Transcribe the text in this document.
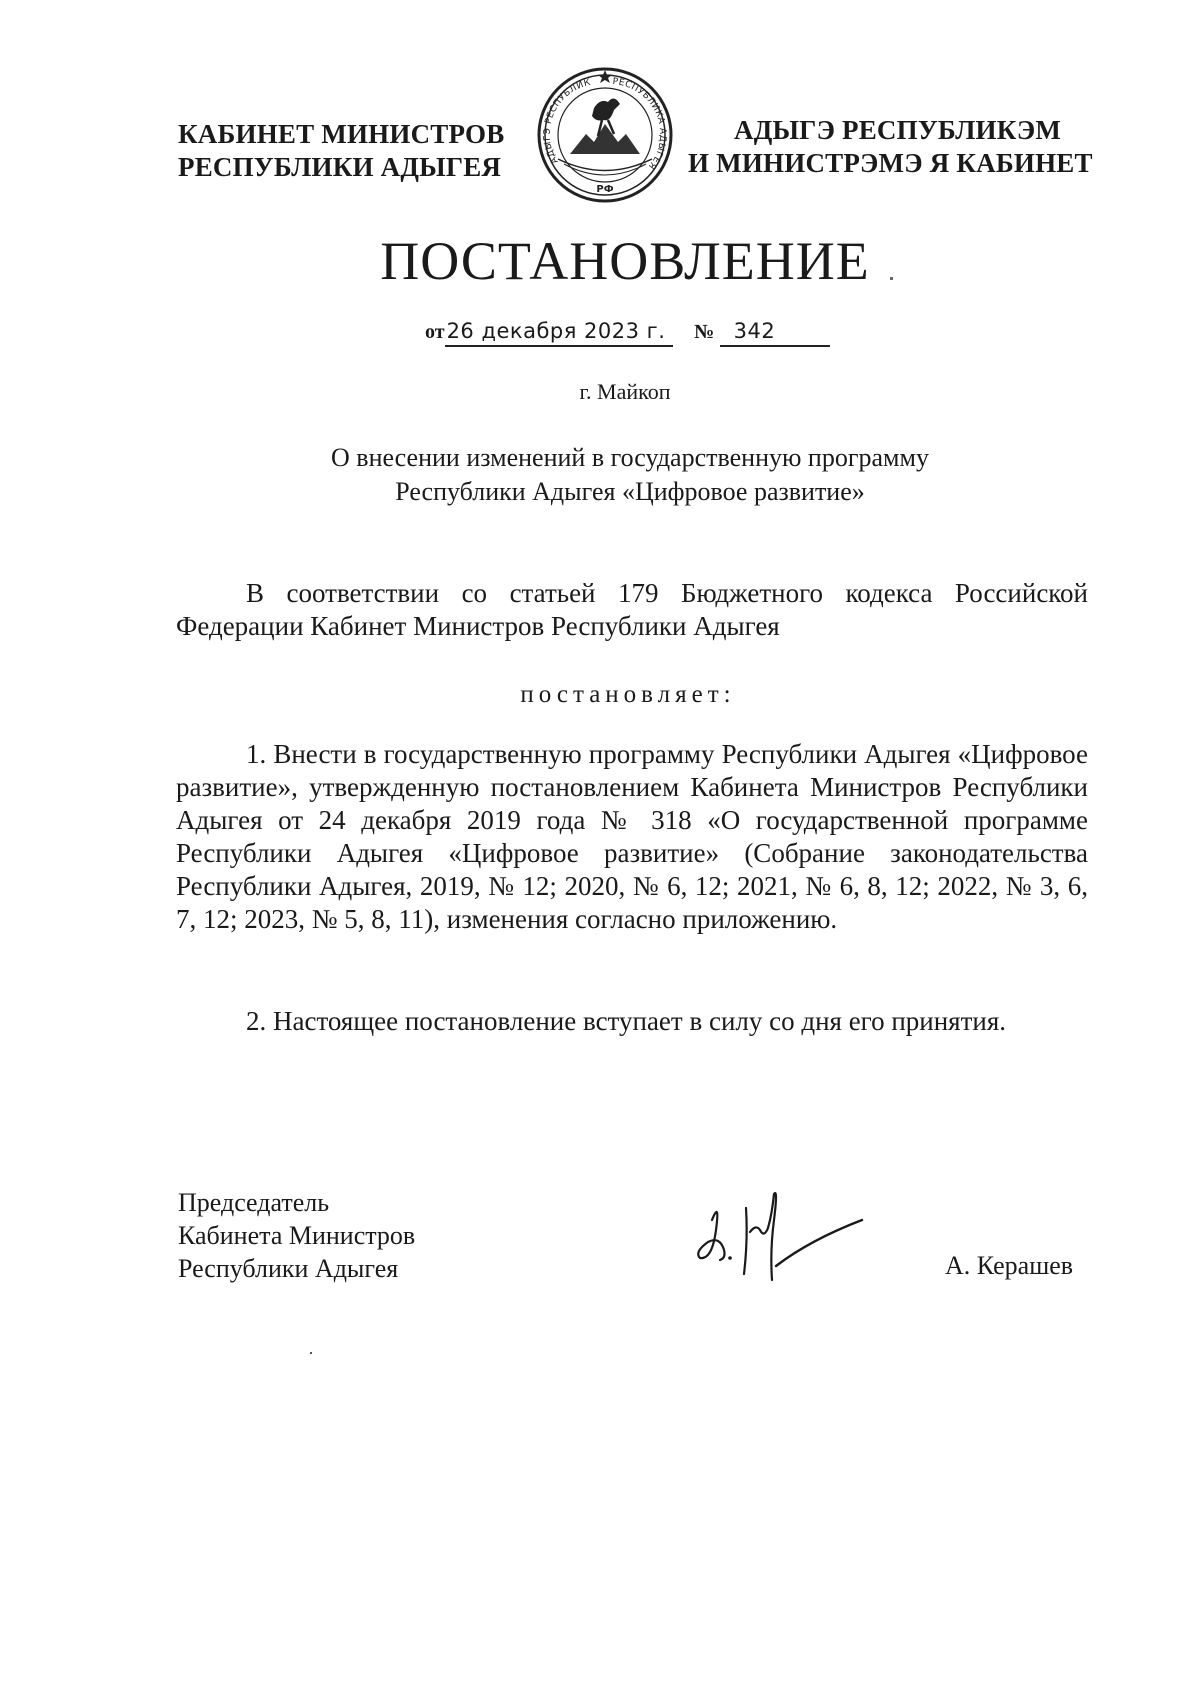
КАБИНЕТ МИНИСТРОВ
РЕСПУБЛИКИ АДЫГЕЯ	АДЫГЭ РЕСПУБЛИК РЕСПУБЛИКА АДЫГЕЯ
РФ
АДЫГЭ РЕСПУБЛИКЭМ
И МИНИСТРЭМЭ Я КАБИНЕТ
ПОСТАНОВЛЕНИЕ
от26 декабря 2023 г. № 342
г. Майкоп
О внесении изменений в государственную программу
Республики Адыгея «Цифровое развитие»

В соответствии со статьей 179 Бюджетного кодекса Российской Федерации Кабинет Министров Республики Адыгея

постановляет:

1. Внести в государственную программу Республики Адыгея «Цифровое развитие», утвержденную постановлением Кабинета Министров Республики Адыгея от 24 декабря 2019 года № 318 «О государственной программе Республики Адыгея «Цифровое развитие» (Собрание законодательства Республики Адыгея, 2019, № 12; 2020, № 6, 12; 2021, № 6, 8, 12; 2022, № 3, 6, 7, 12; 2023, № 5, 8, 11), изменения согласно приложению.

2. Настоящее постановление вступает в силу со дня его принятия.

Председатель
Кабинета Министров
Республики Адыгея	А. Керашев
